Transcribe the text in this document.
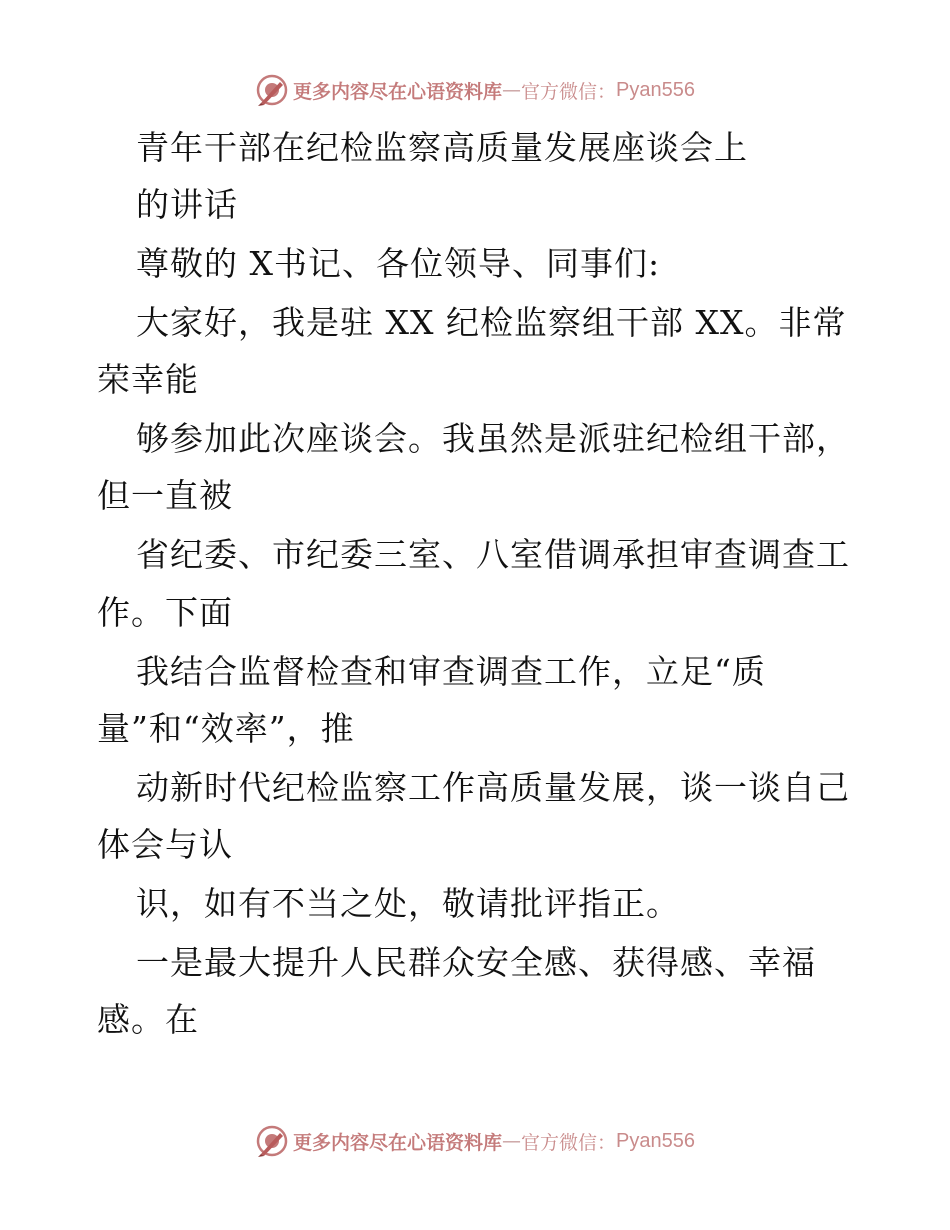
更多内容尽在心语资料库 — 官方微信： Pyan556
青年干部在纪检监察高质量发展座谈会上
的讲话
尊敬的 X书记、各位领导、同事们:
大家好，我是驻 XX 纪检监察组干部 XX。非常
荣幸能
够参加此次座谈会。我虽然是派驻纪检组干部，
但一直被
省纪委、市纪委三室、八室借调承担审查调查工
作。下面
我结合监督检查和审查调查工作，立足“质
量”和“效率”，推
动新时代纪检监察工作高质量发展，谈一谈自己
体会与认
识，如有不当之处，敬请批评指正。
一是最大提升人民群众安全感、获得感、幸福
感。在
更多内容尽在心语资料库 — 官方微信： Pyan556
